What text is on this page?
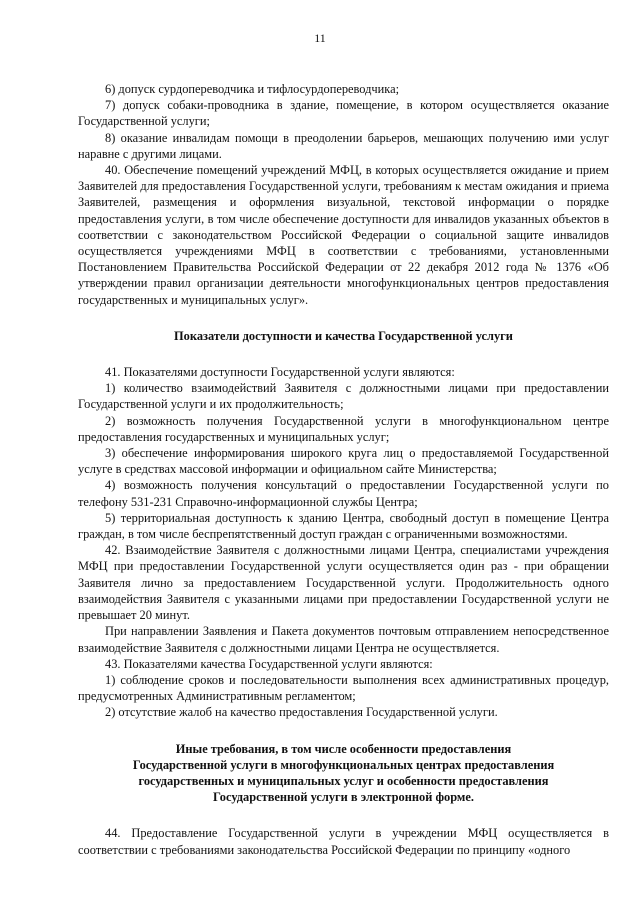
11

6) допуск сурдопереводчика и тифлосурдопереводчика;

7) допуск собаки-проводника в здание, помещение, в котором осуществляется оказание Государственной услуги;

8) оказание инвалидам помощи в преодолении барьеров, мешающих получению ими услуг наравне с другими лицами.

40. Обеспечение помещений учреждений МФЦ, в которых осуществляется ожидание и прием Заявителей для предоставления Государственной услуги, требованиям к местам ожидания и приема Заявителей, размещения и оформления визуальной, текстовой информации о порядке предоставления услуги, в том числе обеспечение доступности для инвалидов указанных объектов в соответствии с законодательством Российской Федерации о социальной защите инвалидов осуществляется учреждениями МФЦ в соответствии с требованиями, установленными Постановлением Правительства Российской Федерации от 22 декабря 2012 года № 1376 «Об утверждении правил организации деятельности многофункциональных центров предоставления государственных и муниципальных услуг».

Показатели доступности и качества Государственной услуги

41. Показателями доступности Государственной услуги являются:

1) количество взаимодействий Заявителя с должностными лицами при предоставлении Государственной услуги и их продолжительность;

2) возможность получения Государственной услуги в многофункциональном центре предоставления государственных и муниципальных услуг;

3) обеспечение информирования широкого круга лиц о предоставляемой Государственной услуге в средствах массовой информации и официальном сайте Министерства;

4) возможность получения консультаций о предоставлении Государственной услуги по телефону 531-231 Справочно-информационной службы Центра;

5) территориальная доступность к зданию Центра, свободный доступ в помещение Центра граждан, в том числе беспрепятственный доступ граждан с ограниченными возможностями.

42. Взаимодействие Заявителя с должностными лицами Центра, специалистами учреждения МФЦ при предоставлении Государственной услуги осуществляется один раз - при обращении Заявителя лично за предоставлением Государственной услуги. Продолжительность одного взаимодействия Заявителя с указанными лицами при предоставлении Государственной услуги не превышает 20 минут.

При направлении Заявления и Пакета документов почтовым отправлением непосредственное взаимодействие Заявителя с должностными лицами Центра не осуществляется.

43. Показателями качества Государственной услуги являются:

1) соблюдение сроков и последовательности выполнения всех административных процедур, предусмотренных Административным регламентом;

2) отсутствие жалоб на качество предоставления Государственной услуги.

Иные требования, в том числе особенности предоставления
Государственной услуги в многофункциональных центрах предоставления
государственных и муниципальных услуг и особенности предоставления
Государственной услуги в электронной форме.

44. Предоставление Государственной услуги в учреждении МФЦ осуществляется в соответствии с требованиями законодательства Российской Федерации по принципу «одного
